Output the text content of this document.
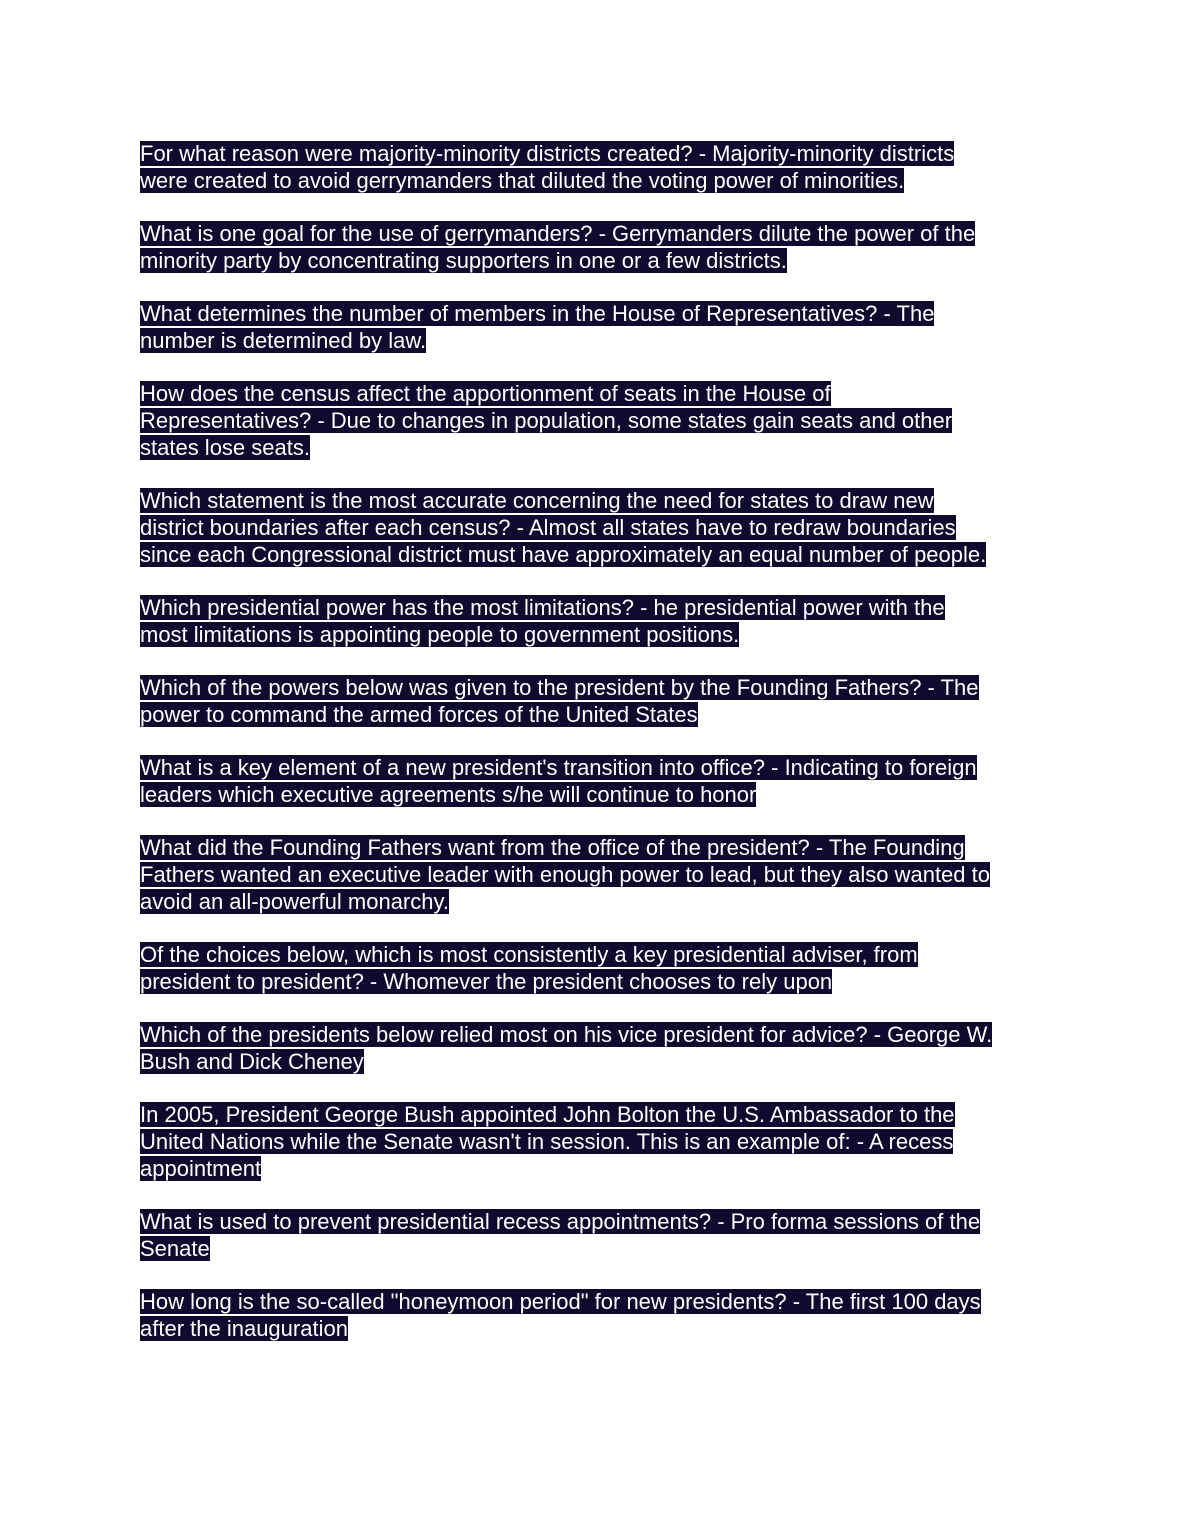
For what reason were majority-minority districts created? - Majority-minority districts
were created to avoid gerrymanders that diluted the voting power of minorities.
What is one goal for the use of gerrymanders? - Gerrymanders dilute the power of the
minority party by concentrating supporters in one or a few districts.
What determines the number of members in the House of Representatives? - The
number is determined by law.
How does the census affect the apportionment of seats in the House of
Representatives? - Due to changes in population, some states gain seats and other
states lose seats.
Which statement is the most accurate concerning the need for states to draw new
district boundaries after each census? - Almost all states have to redraw boundaries
since each Congressional district must have approximately an equal number of people.
Which presidential power has the most limitations? - he presidential power with the
most limitations is appointing people to government positions.
Which of the powers below was given to the president by the Founding Fathers? - The
power to command the armed forces of the United States
What is a key element of a new president's transition into office? - Indicating to foreign
leaders which executive agreements s/he will continue to honor
What did the Founding Fathers want from the office of the president? - The Founding
Fathers wanted an executive leader with enough power to lead, but they also wanted to
avoid an all-powerful monarchy.
Of the choices below, which is most consistently a key presidential adviser, from
president to president? - Whomever the president chooses to rely upon
Which of the presidents below relied most on his vice president for advice? - George W.
Bush and Dick Cheney
In 2005, President George Bush appointed John Bolton the U.S. Ambassador to the
United Nations while the Senate wasn't in session. This is an example of: - A recess
appointment
What is used to prevent presidential recess appointments? - Pro forma sessions of the
Senate
How long is the so-called "honeymoon period" for new presidents? - The first 100 days
after the inauguration
